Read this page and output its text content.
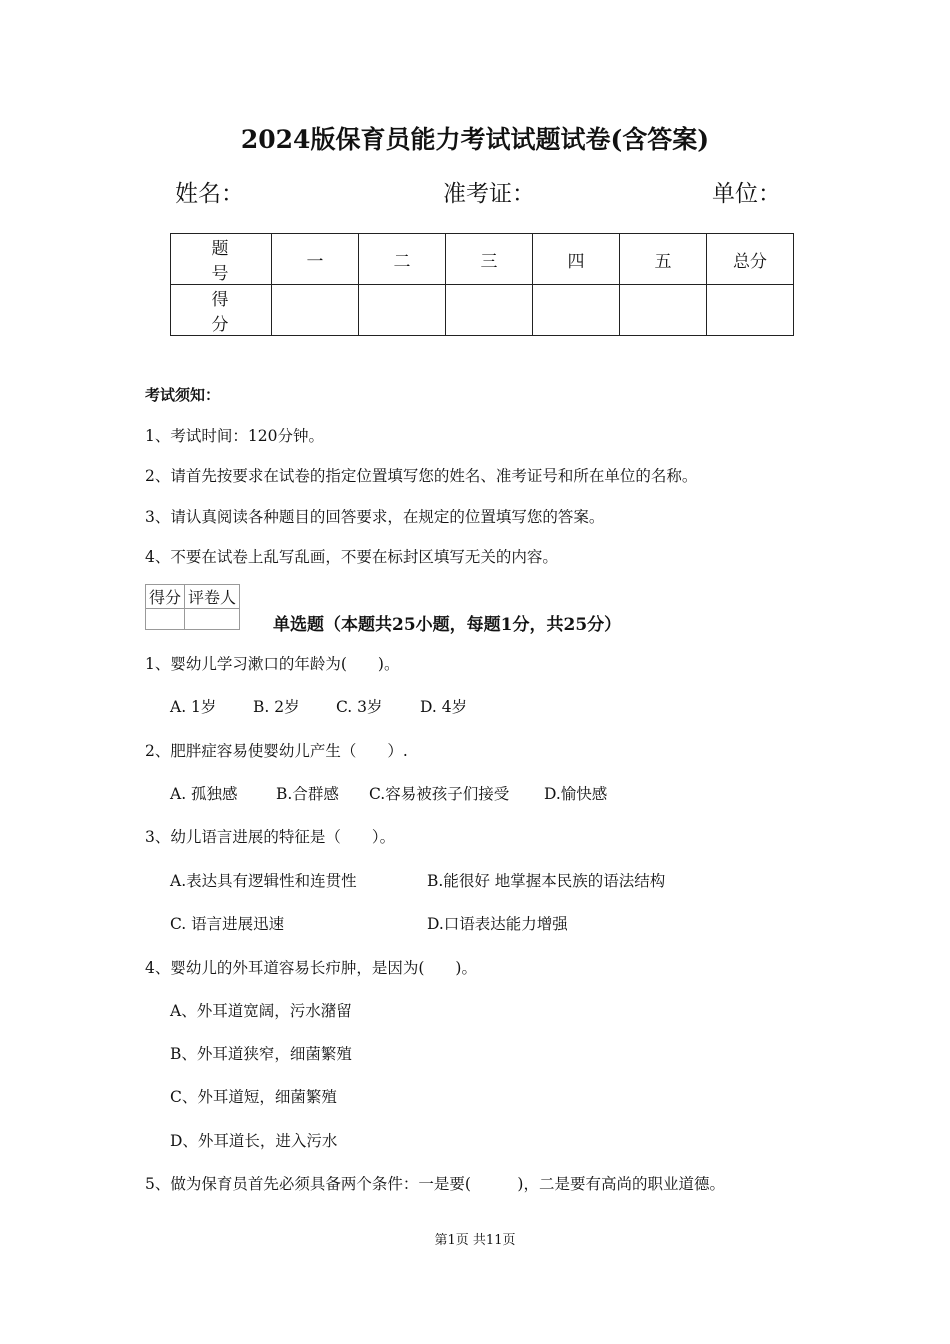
2024版保育员能力考试试题试卷(含答案)
姓名：	准考证：	单位：
题　号	一	二	三	四	五	总分
得　分						
考试须知：
1、考试时间：120分钟。
2、请首先按要求在试卷的指定位置填写您的姓名、准考证号和所在单位的名称。
3、请认真阅读各种题目的回答要求，在规定的位置填写您的答案。
4、不要在试卷上乱写乱画，不要在标封区填写无关的内容。
得分	评卷人

单选题（本题共25小题，每题1分，共25分）
1、婴幼儿学习漱口的年龄为(　　)。
A. 1岁 B. 2岁 C. 3岁 D. 4岁
2、肥胖症容易使婴幼儿产生（　　）.
A. 孤独感 B.合群感 C.容易被孩子们接受 D.愉快感
3、幼儿语言进展的特征是（　　）。
A.表达具有逻辑性和连贯性	B.能很好 地掌握本民族的语法结构
C. 语言进展迅速	D.口语表达能力增强
4、婴幼儿的外耳道容易长疖肿，是因为(　　)。
A、外耳道宽阔，污水潴留
B、外耳道狭窄，细菌繁殖
C、外耳道短，细菌繁殖
D、外耳道长，进入污水
5、做为保育员首先必须具备两个条件：一是要(　　　)，二是要有高尚的职业道德。
第1页 共11页
